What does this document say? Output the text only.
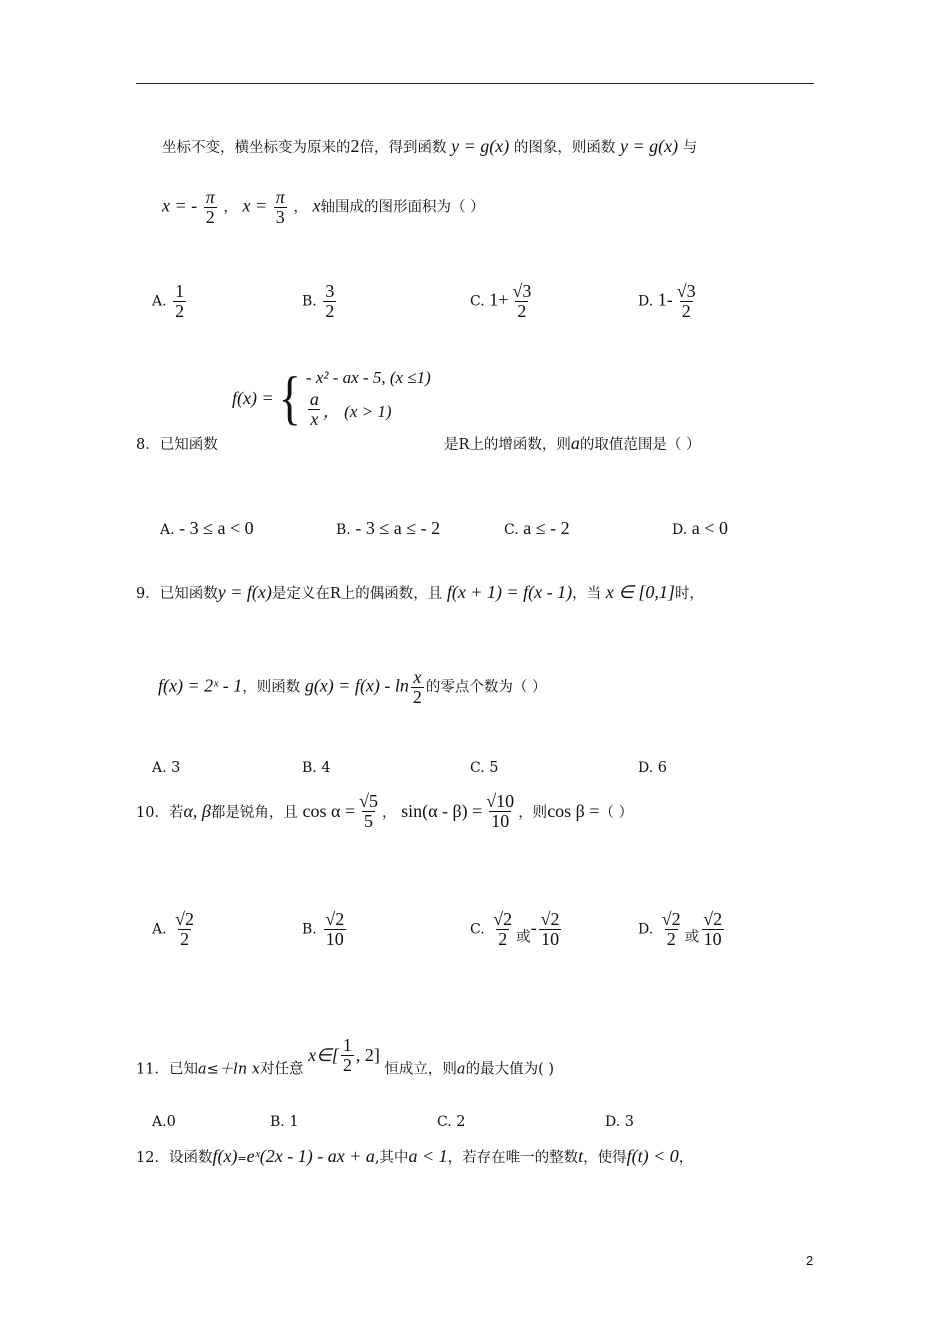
坐标不变，横坐标变为原来的2倍，得到函数 y = g(x) 的图象，则函数 y = g(x) 与
x = - $\frac{\pi}{2}$ ， $x = \frac{\pi}{3}$ ， x轴围成的图形面积为（ ）
A. $\frac{1}{2}$	B. $\frac{3}{2}$	C. $1+ \frac{√3}{2}$	D. $1- \frac{√3}{2}$
f(x) = { - x² - ax - 5, (x ≤1)
$\frac{a}{x}$ ， (x > 1)
8．已知函数	是R上的增函数，则a的取值范围是（ ）
A. - 3 ≤ a < 0	B. - 3 ≤ a ≤ - 2	C. a ≤ - 2	D. a < 0
9．已知函数y = f(x)是定义在R上的偶函数，且 f(x + 1) = f(x - 1)，当 x ∈ [0,1]时，
f(x) = 2ˣ - 1，则函数 $g(x) = f(x) - \ln \frac{x}{2}$ 的零点个数为（ ）
A. 3	B. 4	C. 5	D. 6
10．若α, β都是锐角，且 $\cos \alpha = \frac{√5}{5}$ ， $\sin(\alpha - \beta) = \frac{√10}{10}$ ，则cos β =（ ）
A. $\frac{√2}{2}$	B. $\frac{√2}{10}$	C. $\frac{√2}{2}$ 或- $\frac{√2}{10}$	D. $\frac{√2}{2}$ 或 $\frac{√2}{10}$
11．已知a≤＋ln x对任意 x∈[ $\frac{1}{2}$ , 2] 恒成立，则a的最大值为( )
A.0	B. 1	C. 2	D. 3
12．设函数f(x)=eˣ(2x - 1) - ax + a,其中a < 1，若存在唯一的整数t，使得f(t) < 0，
2
